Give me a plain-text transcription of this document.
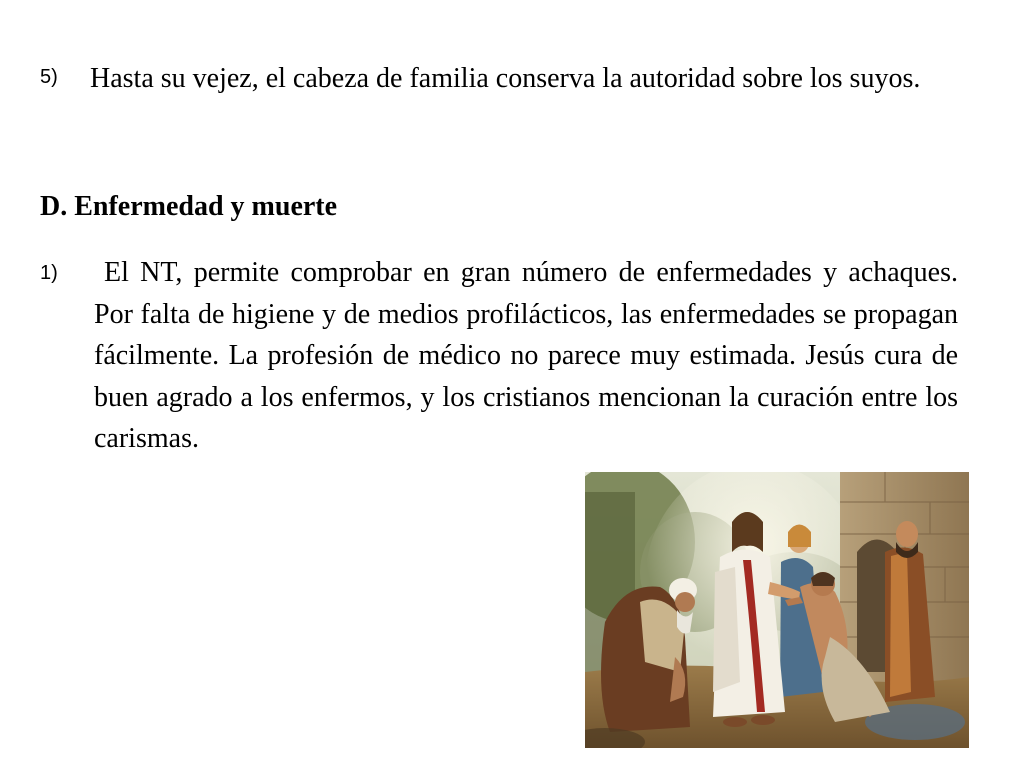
5) Hasta su vejez, el cabeza de familia conserva la autoridad sobre los suyos.
D. Enfermedad y muerte
1)	El NT, permite comprobar en gran número de enfermedades y achaques. Por falta de higiene y de medios profilácticos, las enfermedades se propagan fácilmente. La profesión de médico no parece muy estimada. Jesús cura de buen agrado a los enfermos, y los cristianos mencionan la curación entre los carismas.
